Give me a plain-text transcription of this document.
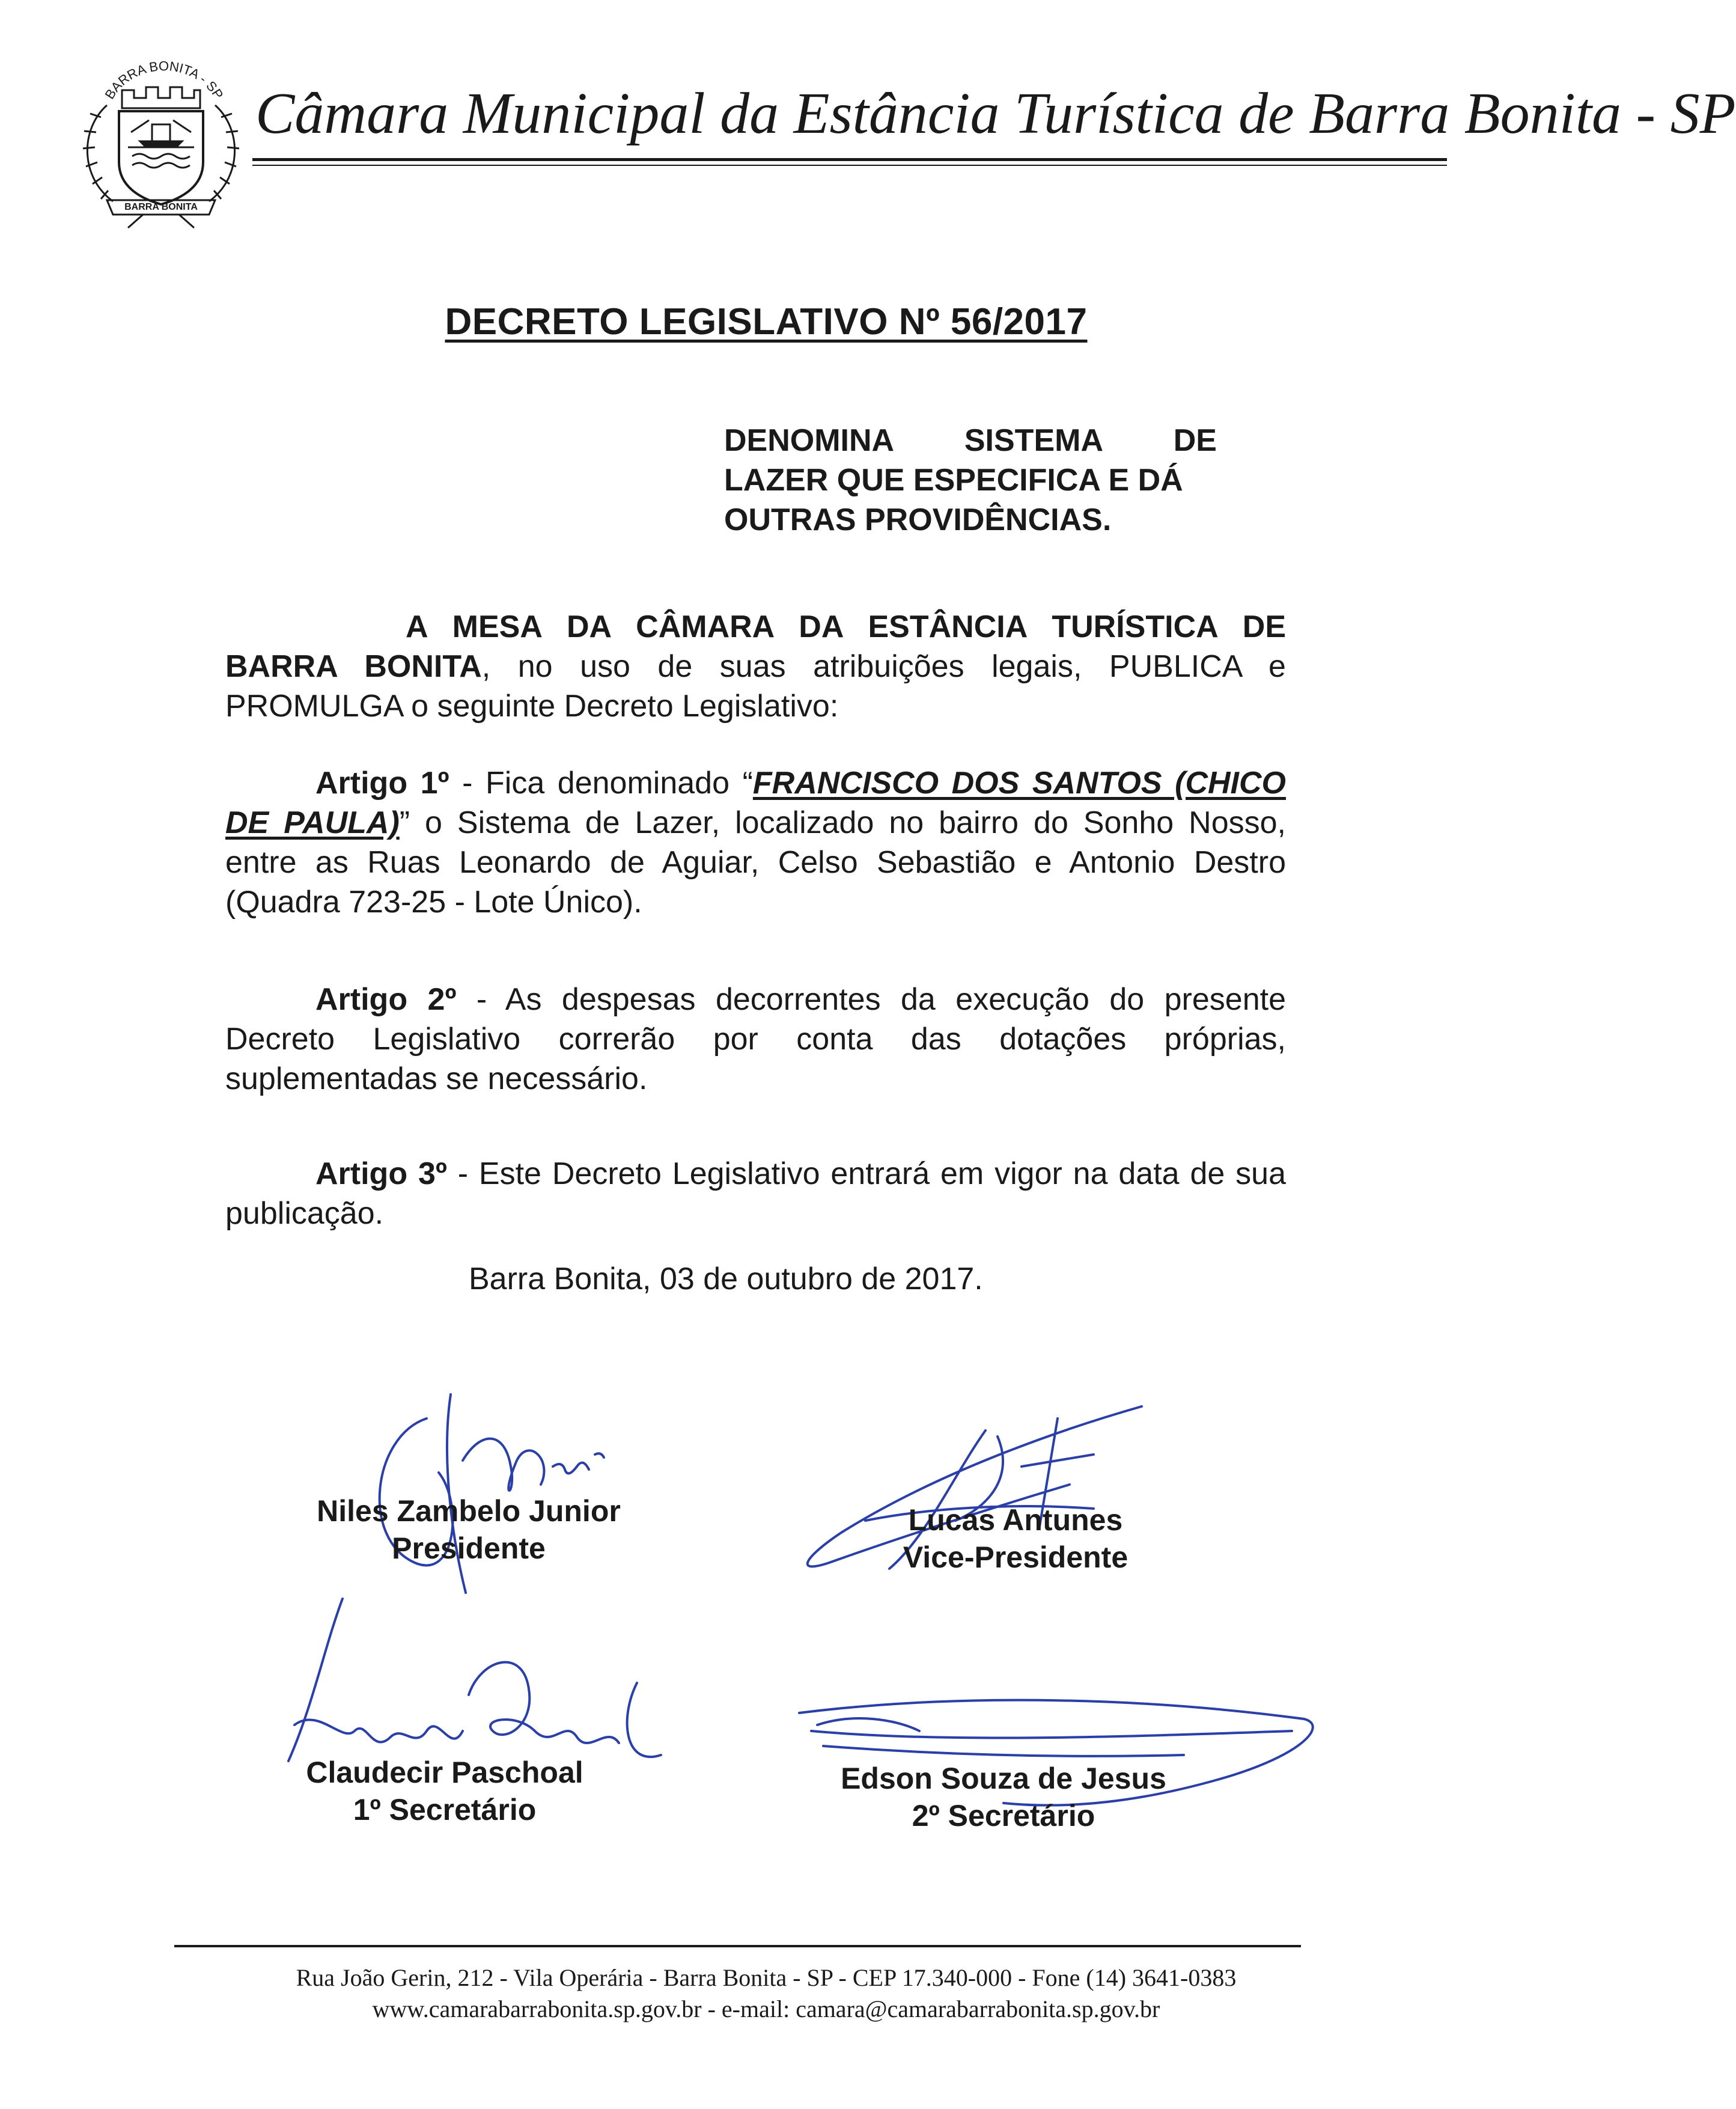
BARRA BONITA
BARRA BONITA - SP Câmara Municipal da Estância Turística de Barra Bonita - SP
DECRETO LEGISLATIVO Nº 56/2017
DENOMINA SISTEMA DE
LAZER QUE ESPECIFICA E DÁ
OUTRAS PROVIDÊNCIAS.
A MESA DA CÂMARA DA ESTÂNCIA TURÍSTICA DE BARRA BONITA, no uso de suas atribuições legais, PUBLICA e PROMULGA o seguinte Decreto Legislativo:
Artigo 1º - Fica denominado “FRANCISCO DOS SANTOS (CHICO DE PAULA)” o Sistema de Lazer, localizado no bairro do Sonho Nosso, entre as Ruas Leonardo de Aguiar, Celso Sebastião e Antonio Destro (Quadra 723-25 - Lote Único).
Artigo 2º - As despesas decorrentes da execução do presente Decreto Legislativo correrão por conta das dotações próprias, suplementadas se necessário.
Artigo 3º - Este Decreto Legislativo entrará em vigor na data de sua publicação.
Barra Bonita, 03 de outubro de 2017.
Niles Zambelo Junior
Presidente
Lucas Antunes
Vice-Presidente
Claudecir Paschoal
1º Secretário
Edson Souza de Jesus
2º Secretário
Rua João Gerin, 212 - Vila Operária - Barra Bonita - SP - CEP 17.340-000 - Fone (14) 3641-0383
www.camarabarrabonita.sp.gov.br - e-mail: camara@camarabarrabonita.sp.gov.br
